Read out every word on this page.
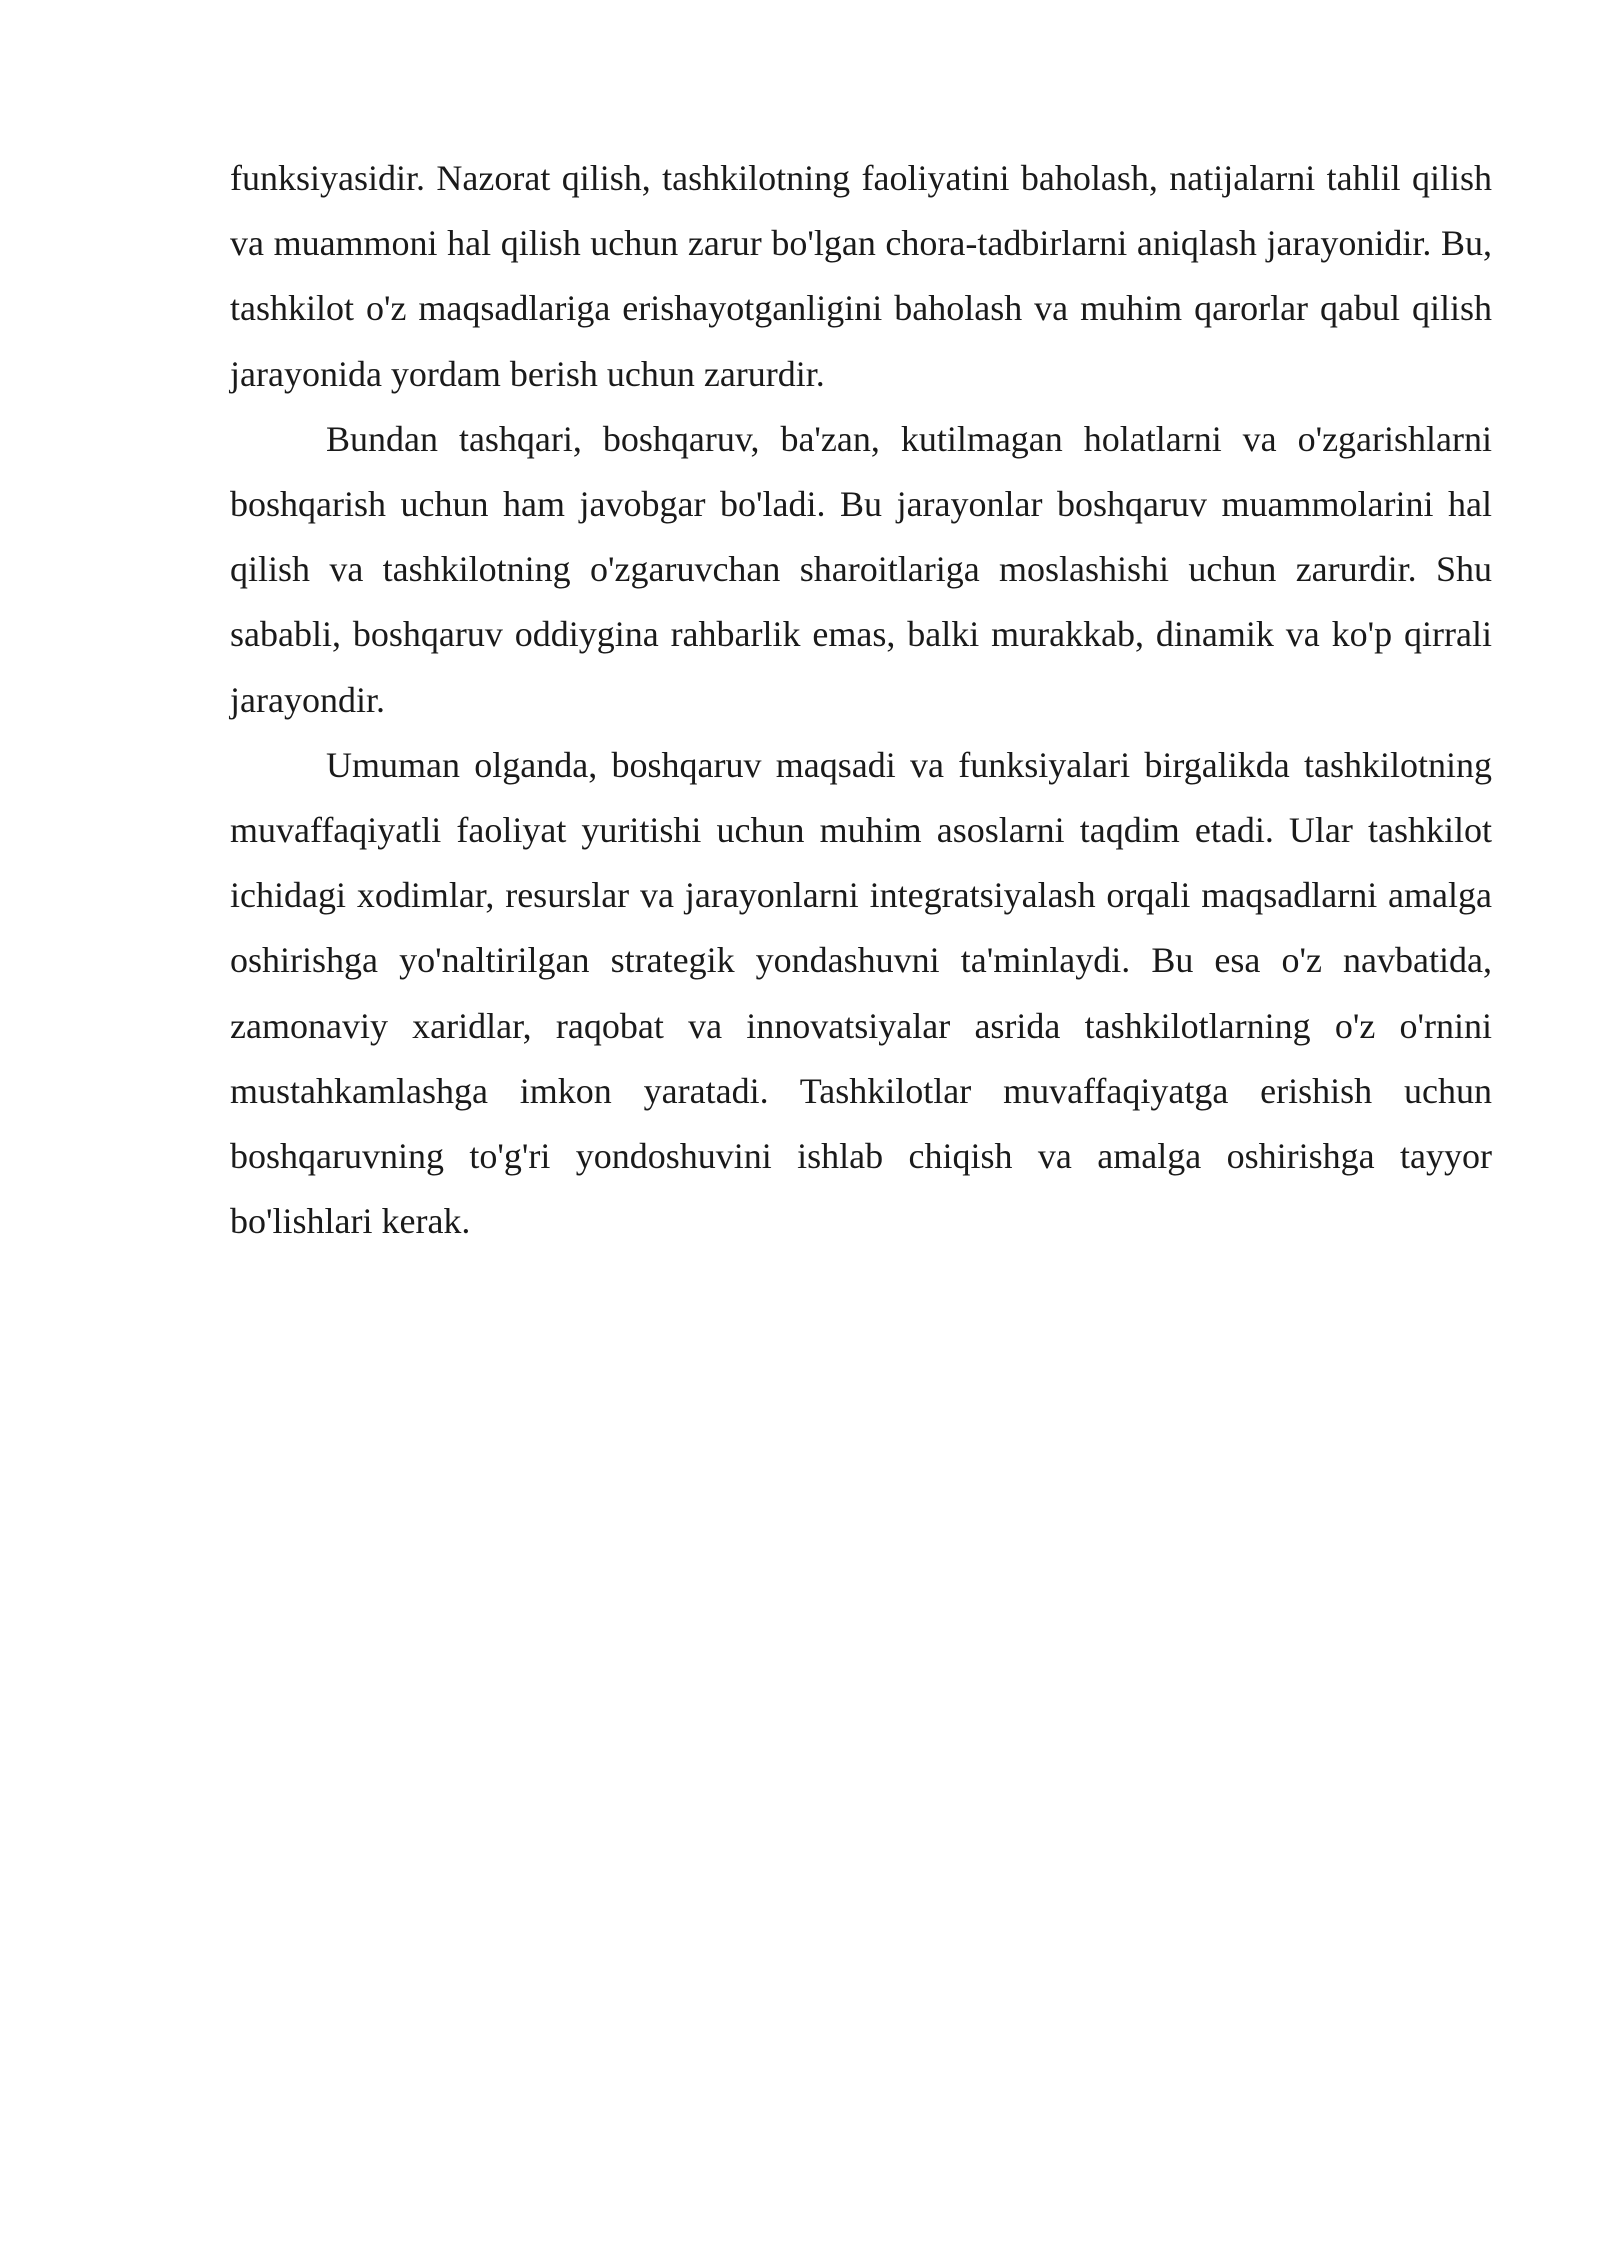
funksiyasidir. Nazorat qilish, tashkilotning faoliyatini baholash, natijalarni tahlil qilish va muammoni hal qilish uchun zarur bo'lgan chora-tadbirlarni aniqlash jarayonidir. Bu, tashkilot o'z maqsadlariga erishayotganligini baholash va muhim qarorlar qabul qilish jarayonida yordam berish uchun zarurdir.

Bundan tashqari, boshqaruv, ba'zan, kutilmagan holatlarni va o'zgarishlarni boshqarish uchun ham javobgar bo'ladi. Bu jarayonlar boshqaruv muammolarini hal qilish va tashkilotning o'zgaruvchan sharoitlariga moslashishi uchun zarurdir. Shu sababli, boshqaruv oddiygina rahbarlik emas, balki murakkab, dinamik va ko'p qirrali jarayondir.

Umuman olganda, boshqaruv maqsadi va funksiyalari birgalikda tashkilotning muvaffaqiyatli faoliyat yuritishi uchun muhim asoslarni taqdim etadi. Ular tashkilot ichidagi xodimlar, resurslar va jarayonlarni integratsiyalash orqali maqsadlarni amalga oshirishga yo'naltirilgan strategik yondashuvni ta'minlaydi. Bu esa o'z navbatida, zamonaviy xaridlar, raqobat va innovatsiyalar asrida tashkilotlarning o'z o'rnini mustahkamlashga imkon yaratadi. Tashkilotlar muvaffaqiyatga erishish uchun boshqaruvning to'g'ri yondoshuvini ishlab chiqish va amalga oshirishga tayyor bo'lishlari kerak.
